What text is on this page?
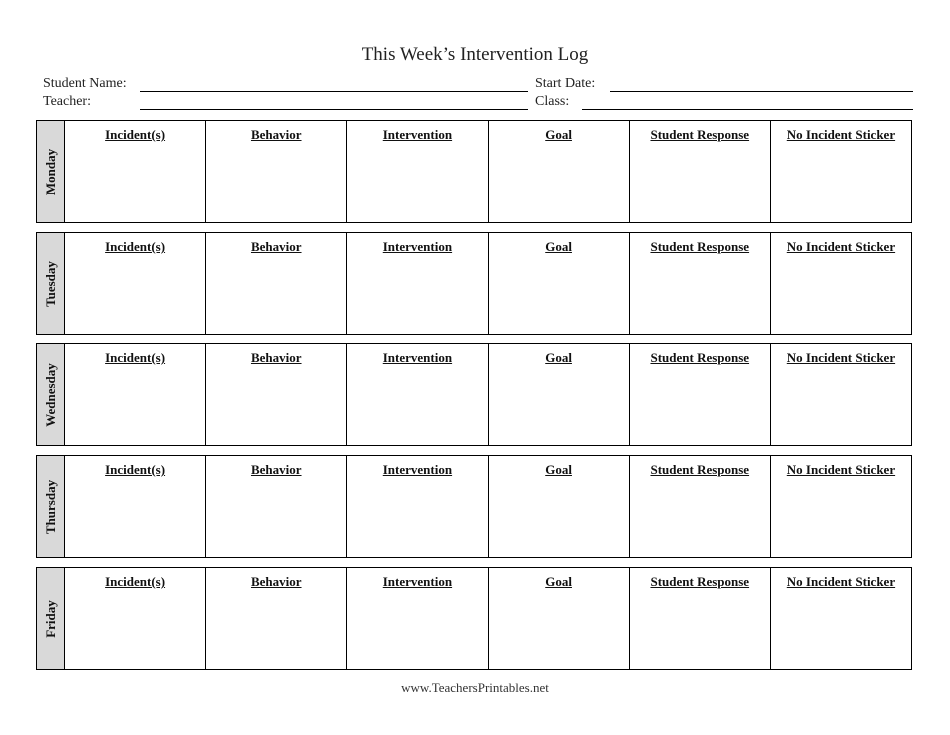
This Week’s Intervention Log
Student Name:
Teacher:
Start Date:
Class:
Monday
Incident(s)	Behavior	Intervention	Goal	Student Response	No Incident Sticker
Tuesday
Incident(s)	Behavior	Intervention	Goal	Student Response	No Incident Sticker
Wednesday
Incident(s)	Behavior	Intervention	Goal	Student Response	No Incident Sticker
Thursday
Incident(s)	Behavior	Intervention	Goal	Student Response	No Incident Sticker
Friday
Incident(s)	Behavior	Intervention	Goal	Student Response	No Incident Sticker
www.TeachersPrintables.net
